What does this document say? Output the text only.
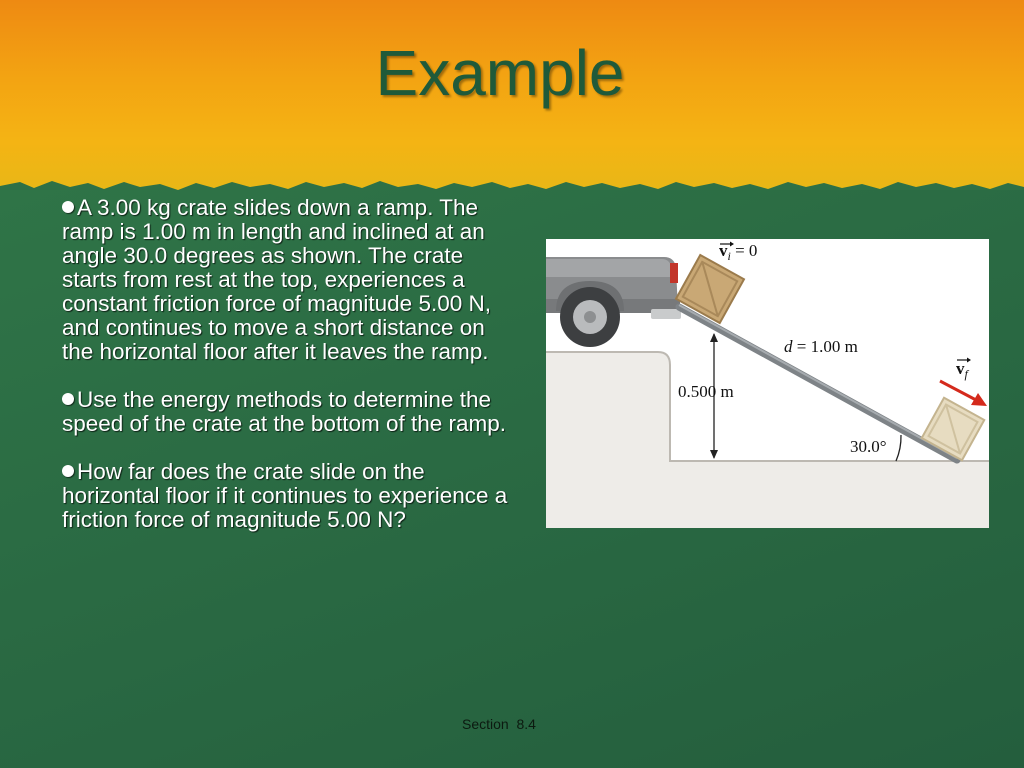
Example
A 3.00 kg crate slides down a ramp. The ramp is 1.00 m in length and inclined at an angle 30.0 degrees as shown. The crate starts from rest at the top, experiences a constant friction force of magnitude 5.00 N, and continues to move a short distance on the horizontal floor after it leaves the ramp.
Use the energy methods to determine the speed of the crate at the bottom of the ramp.
How far does the crate slide on the horizontal floor if it continues to experience a friction force of magnitude 5.00 N?
$v_i = 0$
d = 1.00 m
0.500 m
$v_f$
30.0°
Section  8.4
